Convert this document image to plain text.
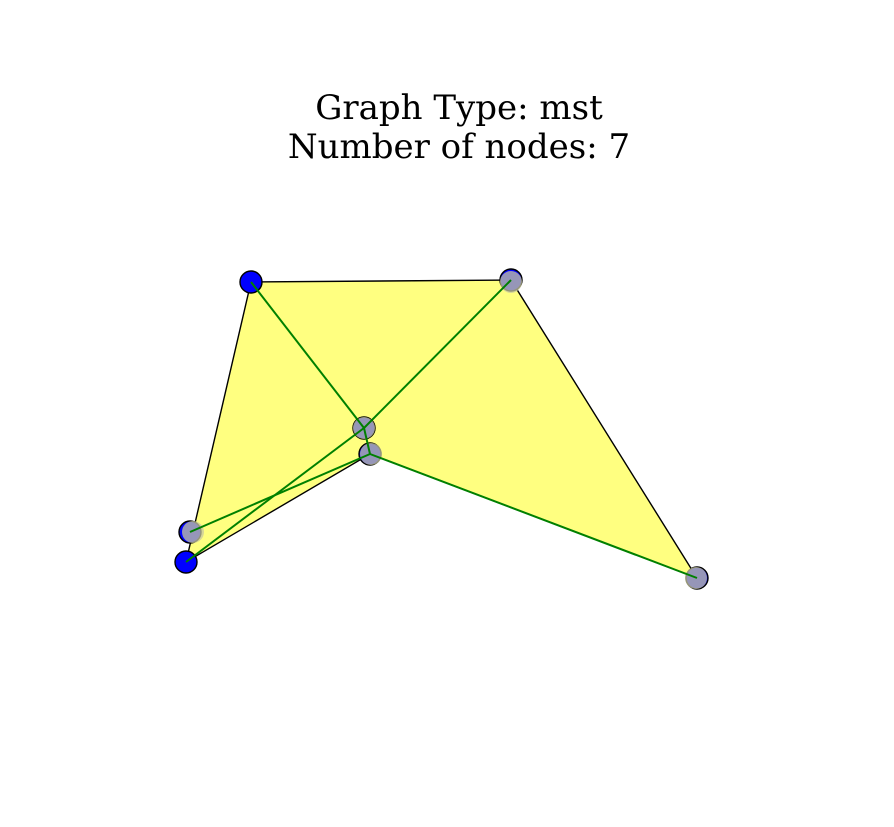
Graph Type: mst
Number of nodes: 7
